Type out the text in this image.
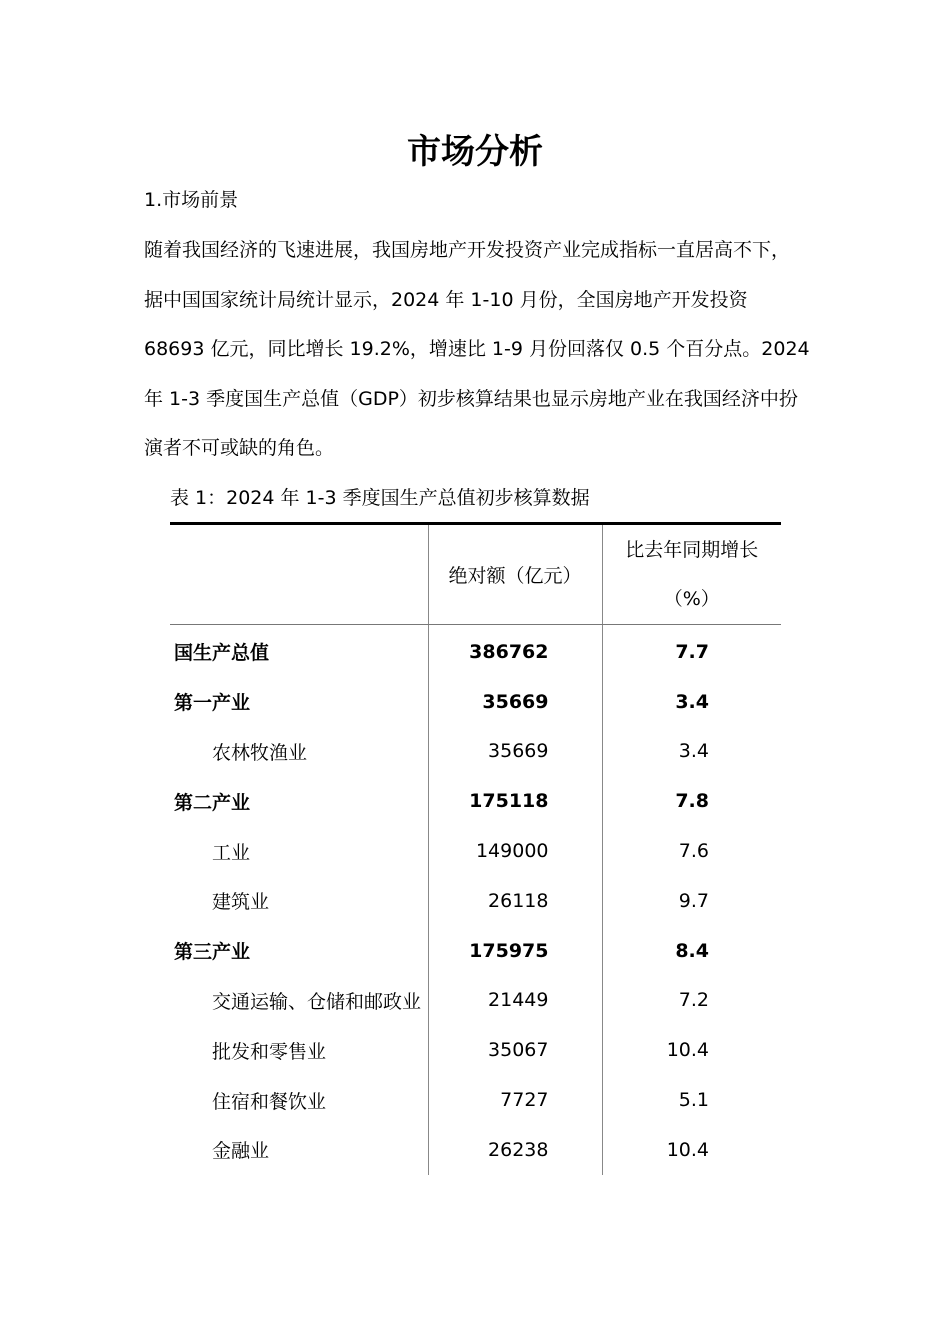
市场分析

1.市场前景

随着我国经济的飞速进展，我国房地产开发投资产业完成指标一直居高不下，
据中国国家统计局统计显示，2024 年 1-10 月份，全国房地产开发投资
68693 亿元，同比增长 19.2%，增速比 1-9 月份回落仅 0.5 个百分点。2024
年 1-3 季度国生产总值（GDP）初步核算结果也显示房地产业在我国经济中扮
演者不可或缺的角色。

表 1：2024 年 1-3 季度国生产总值初步核算数据

	绝对额（亿元）	比去年同期增长
（%）

国生产总值	386762	7.7
第一产业	35669	3.4
农林牧渔业	35669	3.4
第二产业	175118	7.8
工业	149000	7.6
建筑业	26118	9.7
第三产业	175975	8.4
交通运输、仓储和邮政业	21449	7.2
批发和零售业	35067	10.4
住宿和餐饮业	7727	5.1
金融业	26238	10.4
